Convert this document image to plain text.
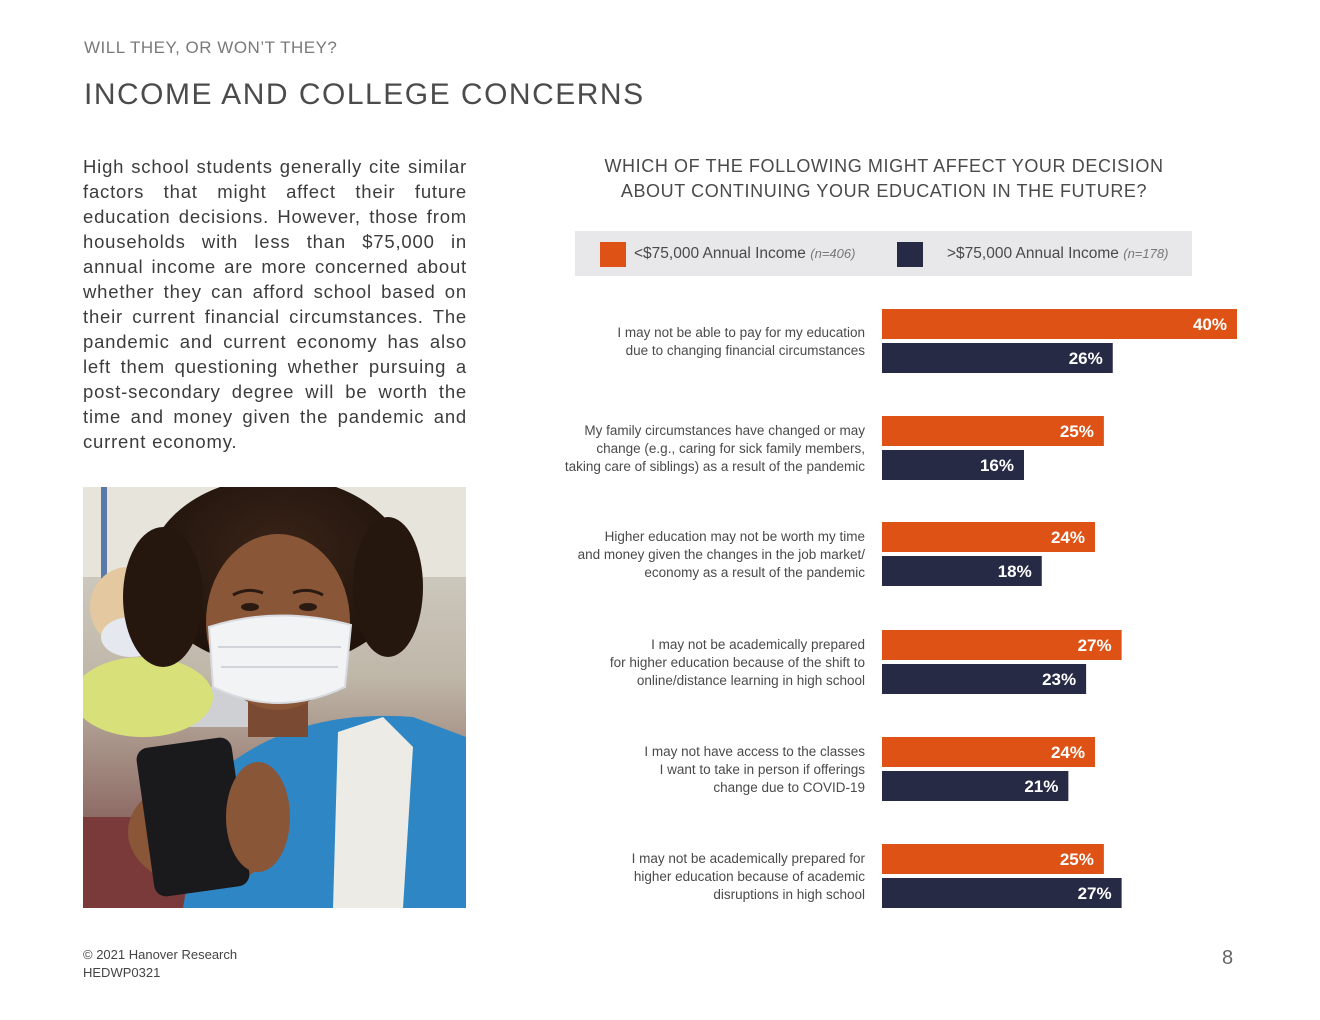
WILL THEY, OR WON’T THEY?
INCOME AND COLLEGE CONCERNS
High school students generally cite similar factors that might affect their future education decisions. However, those from households with less than $75,000 in annual income are more concerned about whether they can afford school based on their current financial circumstances. The pandemic and current economy has also left them questioning whether pursuing a post-secondary degree will be worth the time and money given the pandemic and current economy.
WHICH OF THE FOLLOWING MIGHT AFFECT YOUR DECISION
ABOUT CONTINUING YOUR EDUCATION IN THE FUTURE?
<$75,000 Annual Income (n=406)	>$75,000 Annual Income (n=178)
I may not be able to pay for my education due to changing financial circumstances
40%
26%
My family circumstances have changed or may change (e.g., caring for sick family members, taking care of siblings) as a result of the pandemic
25%
16%
Higher education may not be worth my time and money given the changes in the job market/ economy as a result of the pandemic
24%
18%
I may not be academically prepared for higher education because of the shift to online/distance learning in high school
27%
23%
I may not have access to the classes I want to take in person if offerings change due to COVID-19
24%
21%
I may not be academically prepared for higher education because of academic disruptions in high school
25%
27%
© 2021 Hanover Research
HEDWP0321
8
